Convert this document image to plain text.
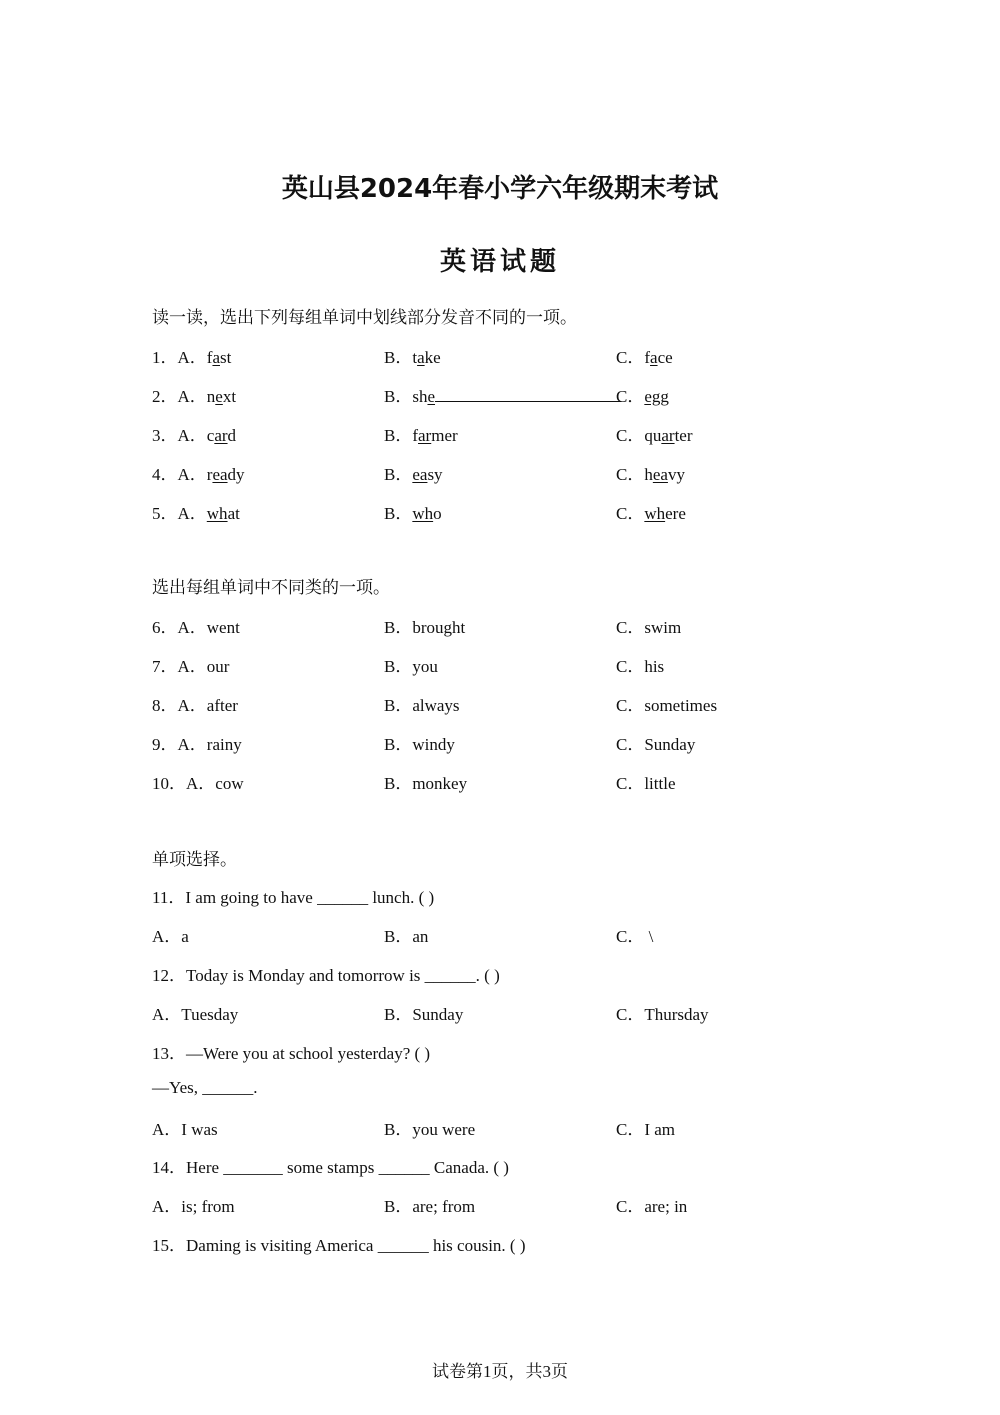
英山县2024年春小学六年级期末考试
英语试题
读一读，选出下列每组单词中划线部分发音不同的一项。
1．A．fast	B．take	C．face
2．A．next	B．she	C．egg
3．A．card	B．farmer	C．quarter
4．A．ready	B．easy	C．heavy
5．A．what	B．who	C．where
选出每组单词中不同类的一项。
6．A．went	B．brought	C．swim
7．A．our	B．you	C．his
8．A．after	B．always	C．sometimes
9．A．rainy	B．windy	C．Sunday
10．A．cow	B．monkey	C．little
单项选择。
11．I am going to have ______ lunch. ( )
A．a	B．an	C． \
12．Today is Monday and tomorrow is ______. ( )
A．Tuesday	B．Sunday	C．Thursday
13．—Were you at school yesterday? ( )
—Yes, ______.
A．I was	B．you were	C．I am
14．Here _______ some stamps ______ Canada. ( )
A．is; from	B．are; from	C．are; in
15．Daming is visiting America ______ his cousin. ( )
试卷第1页，共3页
